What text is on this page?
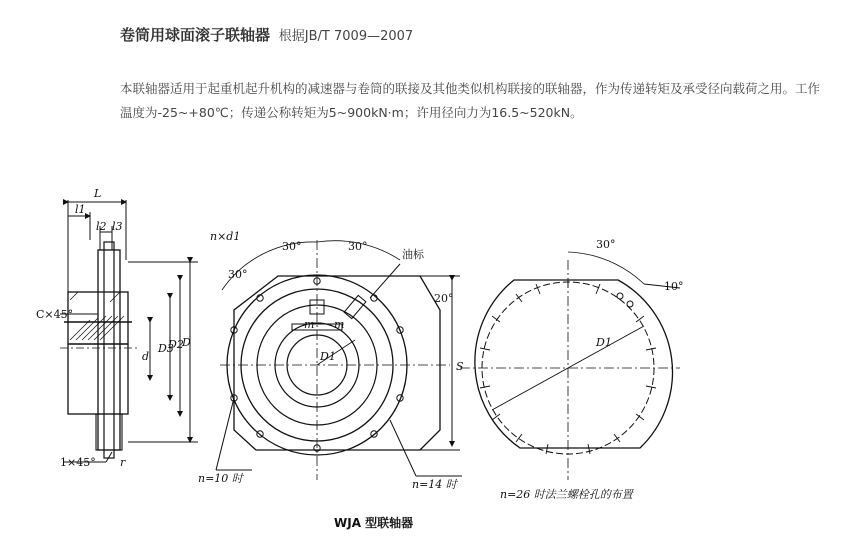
卷筒用球面滚子联轴器 根据JB/T 7009—2007
本联轴器适用于起重机起升机构的减速器与卷筒的联接及其他类似机构联接的联轴器，作为传递转矩及承受径向载荷之用。工作温度为-25~+80℃；传递公称转矩为5~900kN·m；许用径向力为16.5~520kN。
L
l1
l2 l3
C×45°
1×45°
d
D3
D2
D
r
n×d1
30°	30°
30°
油标
20°
m m
D1
S
n=10 时	n=14 时
30°
10°
D1
n=26 时法兰螺栓孔的布置
WJA 型联轴器
